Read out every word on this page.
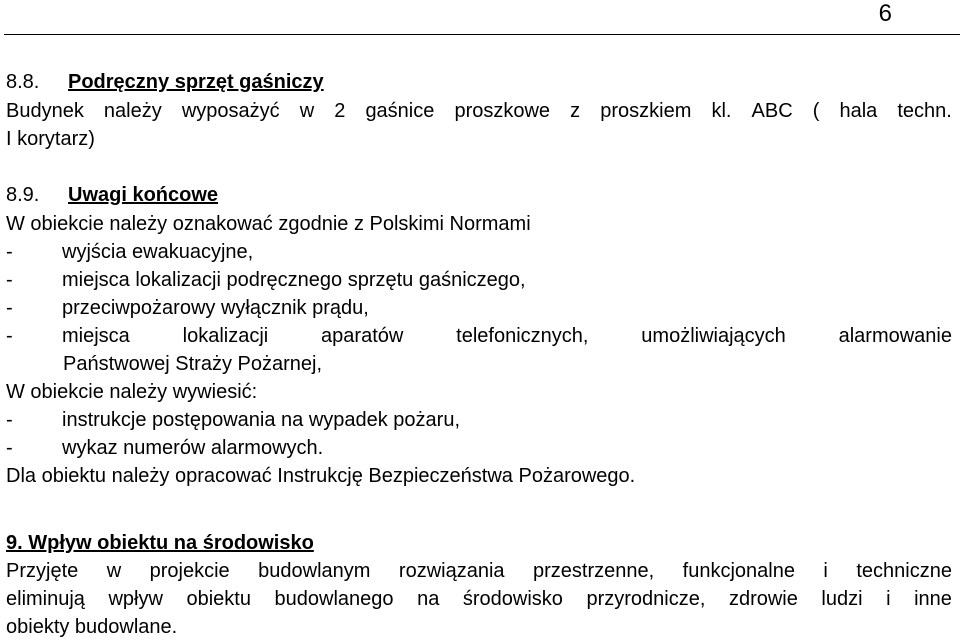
6
8.8. Podręczny sprzęt gaśniczy
Budynek należy wyposażyć w 2 gaśnice proszkowe z proszkiem kl. ABC ( hala techn.
I korytarz)
8.9. Uwagi końcowe
W obiekcie należy oznakować zgodnie z Polskimi Normami
- wyjścia ewakuacyjne,
- miejsca lokalizacji podręcznego sprzętu gaśniczego,
- przeciwpożarowy wyłącznik prądu,
-	miejsca	lokalizacji	aparatów	telefonicznych,	umożliwiających	alarmowanie
Państwowej Straży Pożarnej,
W obiekcie należy wywiesić:
- instrukcje postępowania na wypadek pożaru,
- wykaz numerów alarmowych.
Dla obiektu należy opracować Instrukcję Bezpieczeństwa Pożarowego.
9. Wpływ obiektu na środowisko
Przyjęte w projekcie budowlanym rozwiązania przestrzenne, funkcjonalne i techniczne
eliminują wpływ obiektu budowlanego na środowisko przyrodnicze, zdrowie ludzi i inne
obiekty budowlane.
